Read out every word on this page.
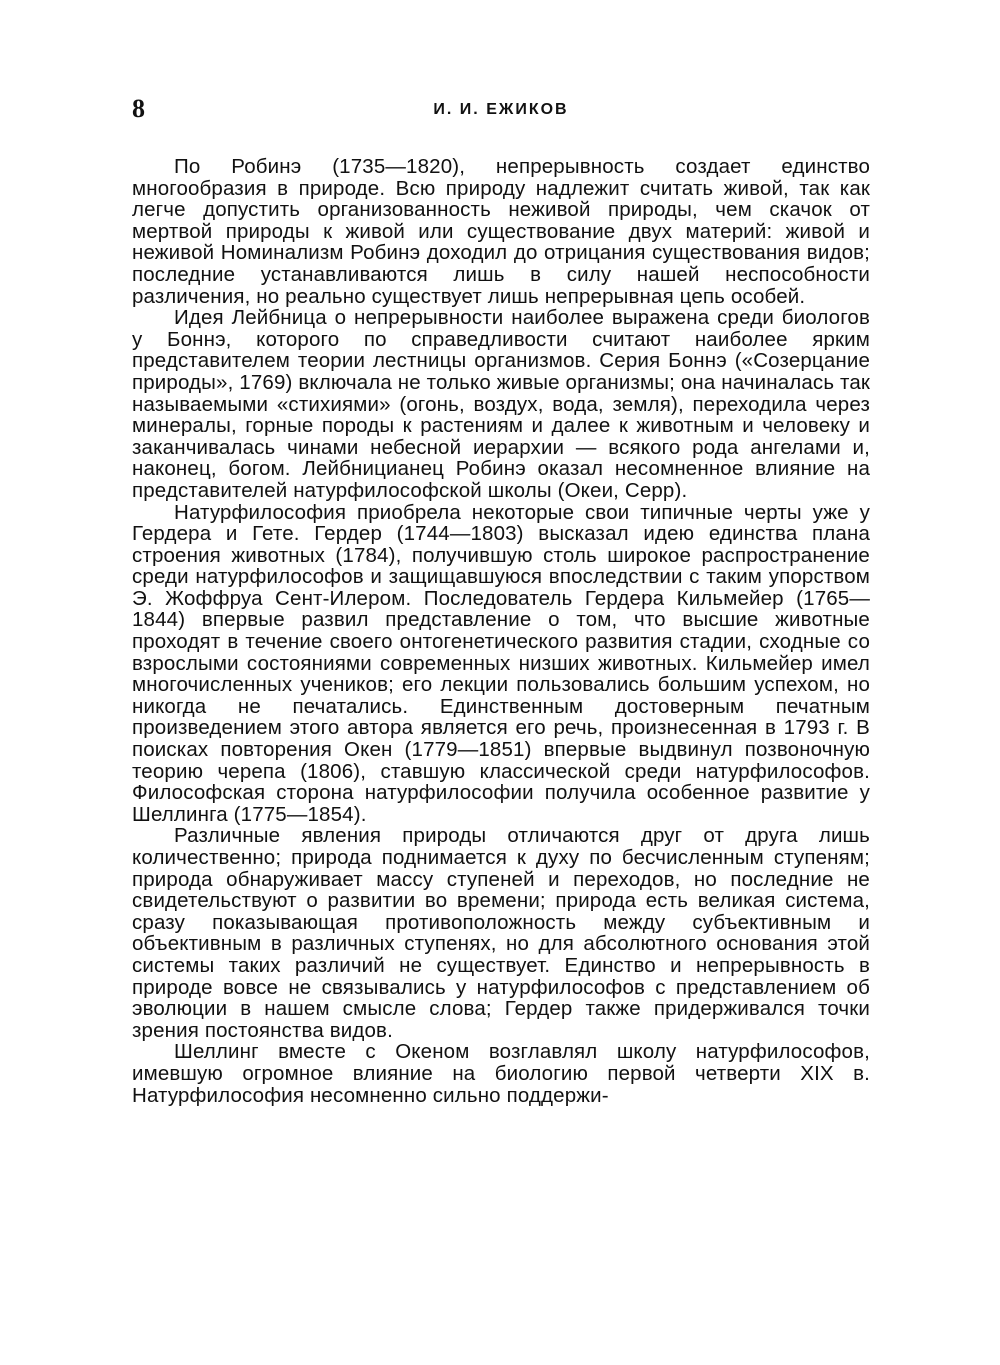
8	И. И. ЕЖИКОВ

По Робинэ (1735—1820), непрерывность создает единство многообразия в природе. Всю природу надлежит считать живой, так как легче допустить организованность неживой природы, чем скачок от мертвой природы к живой или существование двух материй: живой и неживой Номинализм Робинэ доходил до отрицания существования видов; последние устанавливаются лишь в силу нашей неспособности различения, но реально существует лишь непрерывная цепь особей.

Идея Лейбница о непрерывности наиболее выражена среди биологов у Боннэ, которого по справедливости считают наиболее ярким представителем теории лестницы организмов. Серия Боннэ («Созерцание природы», 1769) включала не только живые организмы; она начиналась так называемыми «стихиями» (огонь, воздух, вода, земля), переходила через минералы, горные породы к растениям и далее к животным и человеку и заканчивалась чинами небесной иерархии — всякого рода ангелами и, наконец, богом. Лейбницианец Робинэ оказал несомненное влияние на представителей натурфилософской школы (Океи, Серр).

Натурфилософия приобрела некоторые свои типичные черты уже у Гердера и Гете. Гердер (1744—1803) высказал идею единства плана строения животных (1784), получившую столь широкое распространение среди натурфилософов и защищавшуюся впоследствии с таким упорством Э. Жоффруа Сент-Илером. Последователь Гердера Кильмейер (1765—1844) впервые развил представление о том, что высшие животные проходят в течение своего онтогенетического развития стадии, сходные со взрослыми состояниями современных низших животных. Кильмейер имел многочисленных учеников; его лекции пользовались большим успехом, но никогда не печатались. Единственным достоверным печатным произведением этого автора является его речь, произнесенная в 1793 г. В поисках повторения Окен (1779—1851) впервые выдвинул позвоночную теорию черепа (1806), ставшую классической среди натурфилософов. Философская сторона натурфилософии получила особенное развитие у Шеллинга (1775—1854).

Различные явления природы отличаются друг от друга лишь количественно; природа поднимается к духу по бесчисленным ступеням; природа обнаруживает массу ступеней и переходов, но последние не свидетельствуют о развитии во времени; природа есть великая система, сразу показывающая противоположность между субъективным и объективным в различных ступенях, но для абсолютного основания этой системы таких различий не существует. Единство и непрерывность в природе вовсе не связывались у натурфилософов с представлением об эволюции в нашем смысле слова; Гердер также придерживался точки зрения постоянства видов.

Шеллинг вместе с Океном возглавлял школу натурфилософов, имевшую огромное влияние на биологию первой четверти XIX в. Натурфилософия несомненно сильно поддержи-
